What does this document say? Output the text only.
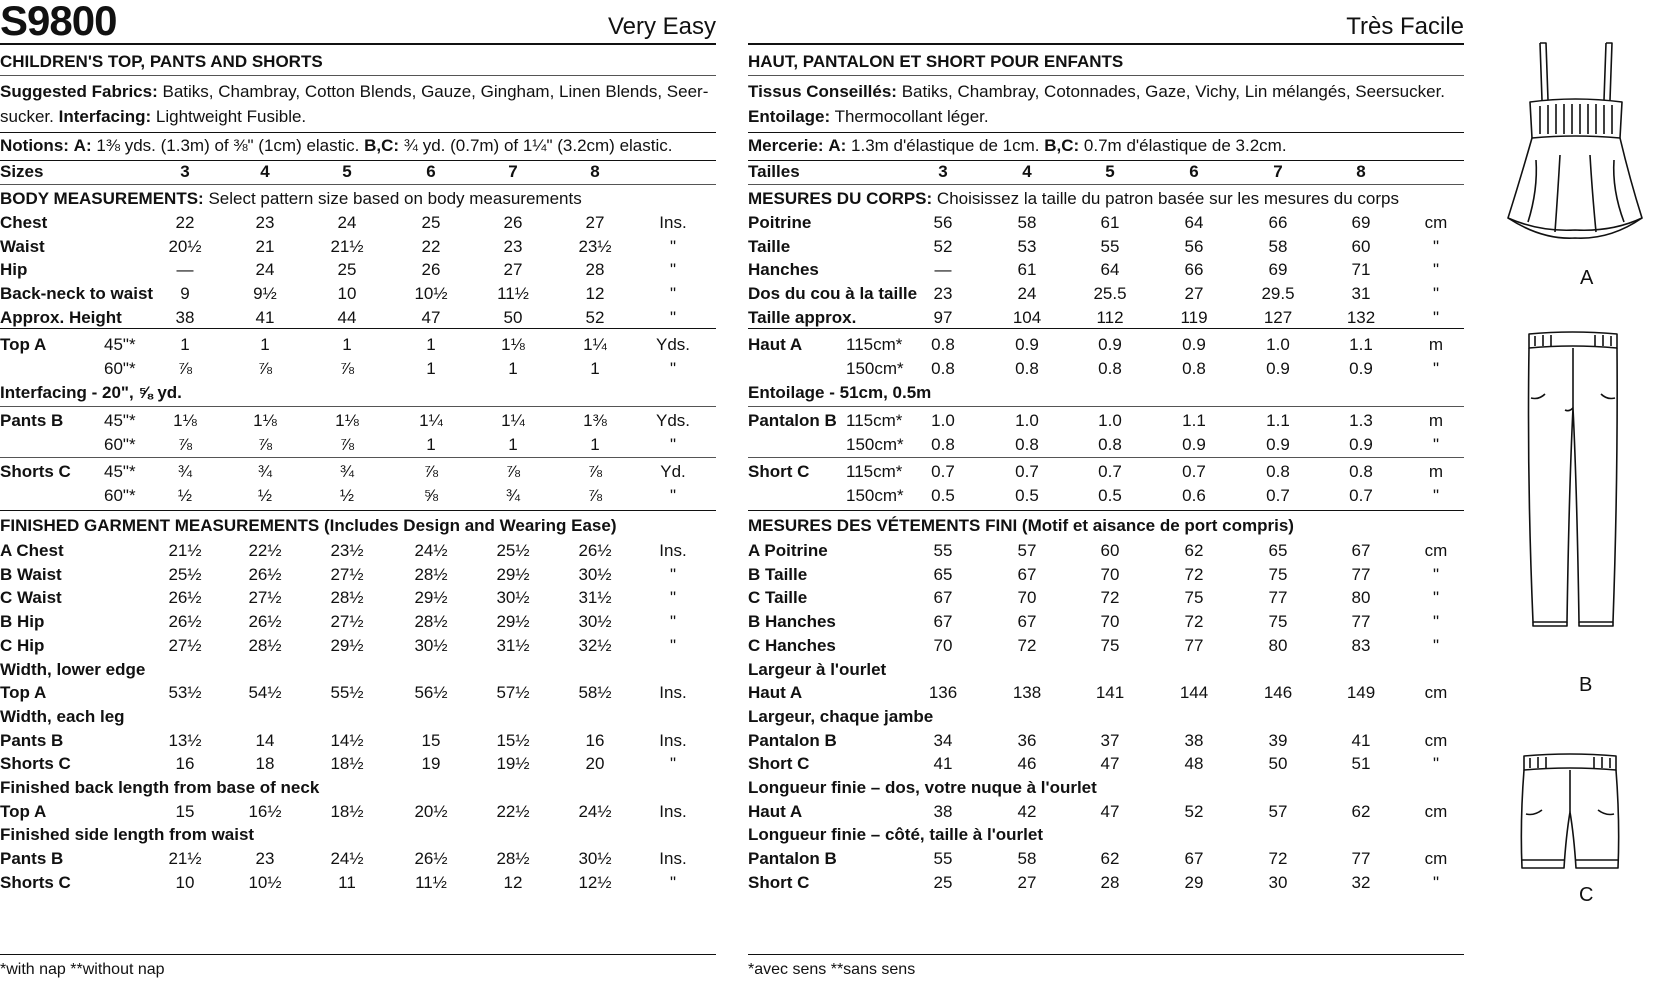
S9800	Very Easy
CHILDREN'S TOP, PANTS AND SHORTS
Suggested Fabrics: Batiks, Chambray, Cotton Blends, Gauze, Gingham, Linen Blends, Seer-
sucker. Interfacing: Lightweight Fusible.
Notions: A: 1⅜ yds. (1.3m) of ⅜" (1cm) elastic. B,C: ¾ yd. (0.7m) of 1¼" (3.2cm) elastic.
Sizes	3	4	5	6	7	8
BODY MEASUREMENTS: Select pattern size based on body measurements
Chest	22	23	24	25	26	27	Ins.
Waist	20½	21	21½	22	23	23½	"
Hip	—	24	25	26	27	28	"
Back-neck to waist 9	9½	10	10½	11½	12	"
Approx. Height	38	41	44	47	50	52	"
Top A	45"*	1	1	1	1	1⅛	1¼	Yds.
60"* ⅞	⅞	⅞	1	1	1	"
Interfacing - 20", ⅝ yd.
Pants B 45"* 1⅛	1⅛	1⅛	1¼	1¼	1⅜	Yds.
60"* ⅞	⅞	⅞	1	1	1	"
Shorts C 45"* ¾	¾	¾	⅞	⅞	⅞	Yd.
60"* ½	½	½	⅝	¾	⅞	"
FINISHED GARMENT MEASUREMENTS (Includes Design and Wearing Ease)
A Chest	21½	22½	23½	24½	25½	26½	Ins.
B Waist	25½	26½	27½	28½	29½	30½	"
C Waist	26½	27½	28½	29½	30½	31½	"
B Hip	26½	26½	27½	28½	29½	30½	"
C Hip	27½	28½	29½	30½	31½	32½	"
Width, lower edge
Top A	53½	54½	55½	56½	57½	58½	Ins.
Width, each leg
Pants B	13½	14	14½	15	15½	16	Ins.
Shorts C	16	18	18½	19	19½	20	"
Finished back length from base of neck
Top A	15	16½	18½	20½	22½	24½	Ins.
Finished side length from waist
Pants B	21½	23	24½	26½	28½	30½	Ins.
Shorts C	10	10½	11	11½	12	12½	"
*with nap **without nap
Très Facile
HAUT, PANTALON ET SHORT POUR ENFANTS
Tissus Conseillés: Batiks, Chambray, Cotonnades, Gaze, Vichy, Lin mélangés, Seersucker.
Entoilage: Thermocollant léger.
Mercerie: A: 1.3m d'élastique de 1cm. B,C: 0.7m d'élastique de 3.2cm.
Tailles	3	4	5	6	7	8
MESURES DU CORPS: Choisissez la taille du patron basée sur les mesures du corps
Poitrine	56	58	61	64	66	69	cm
Taille	52	53	55	56	58	60	"
Hanches	—	61	64	66	69	71	"
Dos du cou à la taille 23	24	25.5	27	29.5	31	"
Taille approx.	97	104	112	119	127	132	"
Haut A	115cm* 0.8	0.9	0.9	0.9	1.0	1.1	m
150cm* 0.8	0.8	0.8	0.8	0.9	0.9	"
Entoilage - 51cm, 0.5m
Pantalon B 115cm* 1.0	1.0	1.0	1.1	1.1	1.3	m
150cm* 0.8	0.8	0.8	0.9	0.9	0.9	"
Short C 115cm* 0.7	0.7	0.7	0.7	0.8	0.8	m
150cm* 0.5	0.5	0.5	0.6	0.7	0.7	"
MESURES DES VÉTEMENTS FINI (Motif et aisance de port compris)
A Poitrine	55	57	60	62	65	67	cm
B Taille	65	67	70	72	75	77	"
C Taille	67	70	72	75	77	80	"
B Hanches	67	67	70	72	75	77	"
C Hanches	70	72	75	77	80	83	"
Largeur à l'ourlet
Haut A	136	138	141	144	146	149	cm
Largeur, chaque jambe
Pantalon B	34	36	37	38	39	41	cm
Short C	41	46	47	48	50	51	"
Longueur finie – dos, votre nuque à l'ourlet
Haut A	38	42	47	52	57	62	cm
Longueur finie – côté, taille à l'ourlet
Pantalon B	55	58	62	67	72	77	cm
Short C	25	27	28	29	30	32	"
*avec sens **sans sens
A
B
C
